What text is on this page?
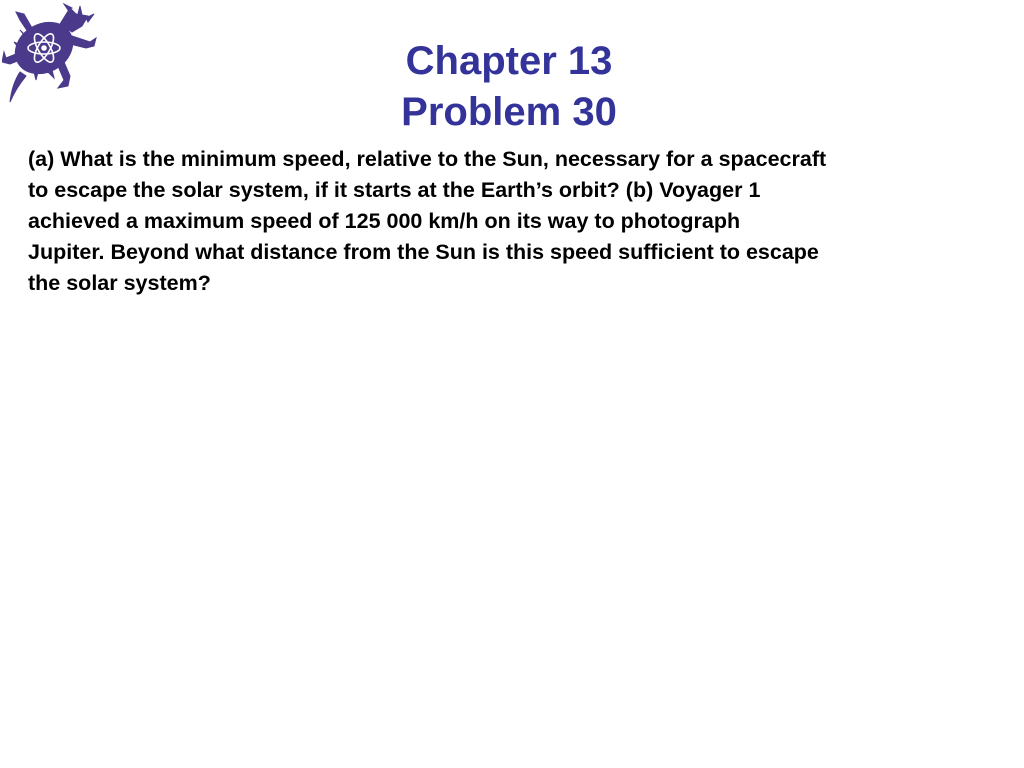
Chapter 13
Problem 30

(a) What is the minimum speed, relative to the Sun, necessary for a spacecraft
to escape the solar system, if it starts at the Earth’s orbit? (b) Voyager 1
achieved a maximum speed of 125 000 km/h on its way to photograph
Jupiter. Beyond what distance from the Sun is this speed sufficient to escape
the solar system?
